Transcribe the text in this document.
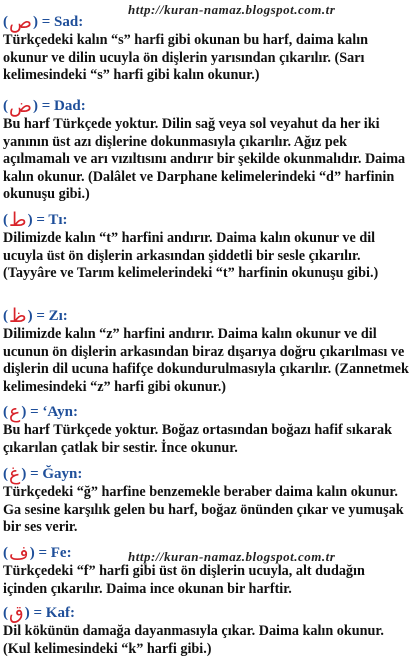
http://kuran-namaz.blogspot.com.tr
(ص) = Sad:
Türkçedeki kalın “s” harfi gibi okunan bu harf, daima kalın okunur ve dilin ucuyla ön dişlerin yarısından çıkarılır. (Sarı kelimesindeki “s” harfi gibi kalın okunur.)
(ض) = Dad:
Bu harf Türkçede yoktur. Dilin sağ veya sol veyahut da her iki yanının üst azı dişlerine dokunmasıyla çıkarılır. Ağız pek açılmamalı ve arı vızıltısını andırır bir şekilde okunmalıdır. Daima kalın okunur. (Dalâlet ve Darphane kelimelerindeki “d” harfinin okunuşu gibi.)
(ط) = Tı:
Dilimizde kalın “t” harfini andırır. Daima kalın okunur ve dil ucuyla üst ön dişlerin arkasından şiddetli bir sesle çıkarılır. (Tayyâre ve Tarım kelimelerindeki “t” harfinin okunuşu gibi.)
(ظ) = Zı:
Dilimizde kalın “z” harfini andırır. Daima kalın okunur ve dil ucunun ön dişlerin arkasından biraz dışarıya doğru çıkarılması ve dişlerin dil ucuna hafifçe dokundurulmasıyla çıkarılır. (Zannetmek kelimesindeki “z” harfi gibi okunur.)
(ع) = ‘Ayn:
Bu harf Türkçede yoktur. Boğaz ortasından boğazı hafif sıkarak çıkarılan çatlak bir sestir. İnce okunur.
(غ) = Ğayn:
Türkçedeki “ğ” harfine benzemekle beraber daima kalın okunur. Ga sesine karşılık gelen bu harf, boğaz önünden çıkar ve yumuşak bir ses verir.
(ف) = Fe:
Türkçedeki “f” harfi gibi üst ön dişlerin ucuyla, alt dudağın içinden çıkarılır. Daima ince okunan bir harftir.
(ق) = Kaf:
Dil kökünün damağa dayanmasıyla çıkar. Daima kalın okunur. (Kul kelimesindeki “k” harfi gibi.)
http://kuran-namaz.blogspot.com.tr
